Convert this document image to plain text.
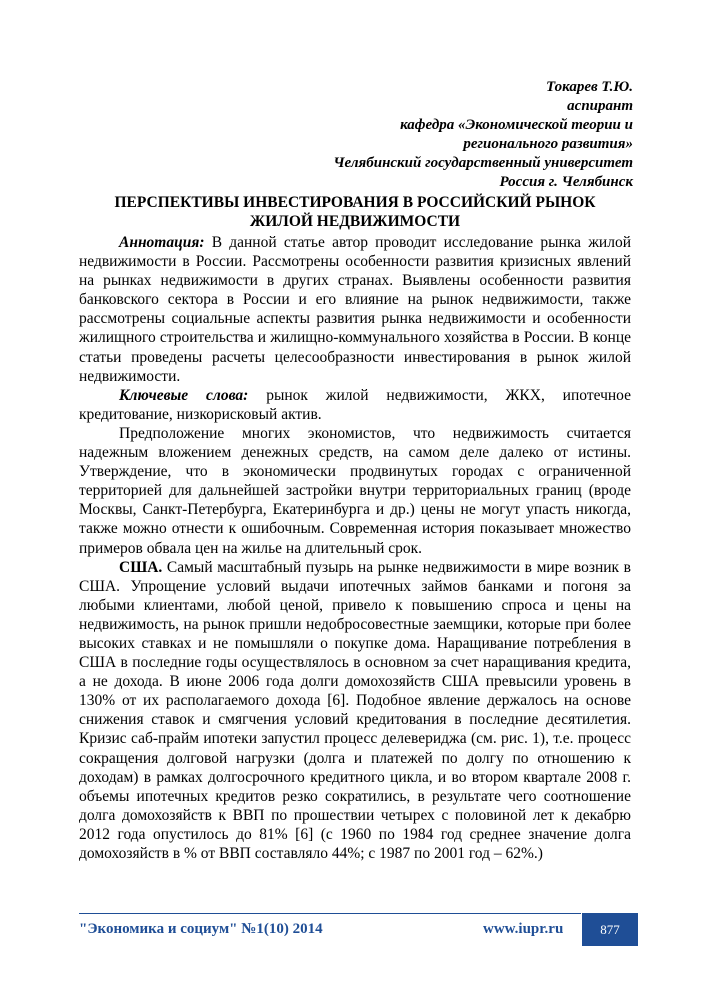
Токарев Т.Ю.
аспирант
кафедра «Экономической теории и
регионального развития»
Челябинский государственный университет
Россия г. Челябинск
ПЕРСПЕКТИВЫ ИНВЕСТИРОВАНИЯ В РОССИЙСКИЙ РЫНОК
ЖИЛОЙ НЕДВИЖИМОСТИ

Аннотация: В данной статье автор проводит исследование рынка жилой недвижимости в России. Рассмотрены особенности развития кризисных явлений на рынках недвижимости в других странах. Выявлены особенности развития банковского сектора в России и его влияние на рынок недвижимости, также рассмотрены социальные аспекты развития рынка недвижимости и особенности жилищного строительства и жилищно-коммунального хозяйства в России. В конце статьи проведены расчеты целесообразности инвестирования в рынок жилой недвижимости.

Ключевые слова: рынок жилой недвижимости, ЖКХ, ипотечное кредитование, низкорисковый актив.

Предположение многих экономистов, что недвижимость считается надежным вложением денежных средств, на самом деле далеко от истины. Утверждение, что в экономически продвинутых городах с ограниченной территорией для дальнейшей застройки внутри территориальных границ (вроде Москвы, Санкт-Петербурга, Екатеринбурга и др.) цены не могут упасть никогда, также можно отнести к ошибочным. Современная история показывает множество примеров обвала цен на жилье на длительный срок.

США. Самый масштабный пузырь на рынке недвижимости в мире возник в США. Упрощение условий выдачи ипотечных займов банками и погоня за любыми клиентами, любой ценой, привело к повышению спроса и цены на недвижимость, на рынок пришли недобросовестные заемщики, которые при более высоких ставках и не помышляли о покупке дома. Наращивание потребления в США в последние годы осуществлялось в основном за счет наращивания кредита, а не дохода. В июне 2006 года долги домохозяйств США превысили уровень в 130% от их располагаемого дохода [6]. Подобное явление держалось на основе снижения ставок и смягчения условий кредитования в последние десятилетия. Кризис саб-прайм ипотеки запустил процесс делевериджа (см. рис. 1), т.е. процесс сокращения долговой нагрузки (долга и платежей по долгу по отношению к доходам) в рамках долгосрочного кредитного цикла, и во втором квартале 2008 г. объемы ипотечных кредитов резко сократились, в результате чего соотношение долга домохозяйств к ВВП по прошествии четырех с половиной лет к декабрю 2012 года опустилось до 81% [6] (с 1960 по 1984 год среднее значение долга домохозяйств в % от ВВП составляло 44%; с 1987 по 2001 год – 62%.)

"Экономика и социум" №1(10) 2014	www.iupr.ru	877
